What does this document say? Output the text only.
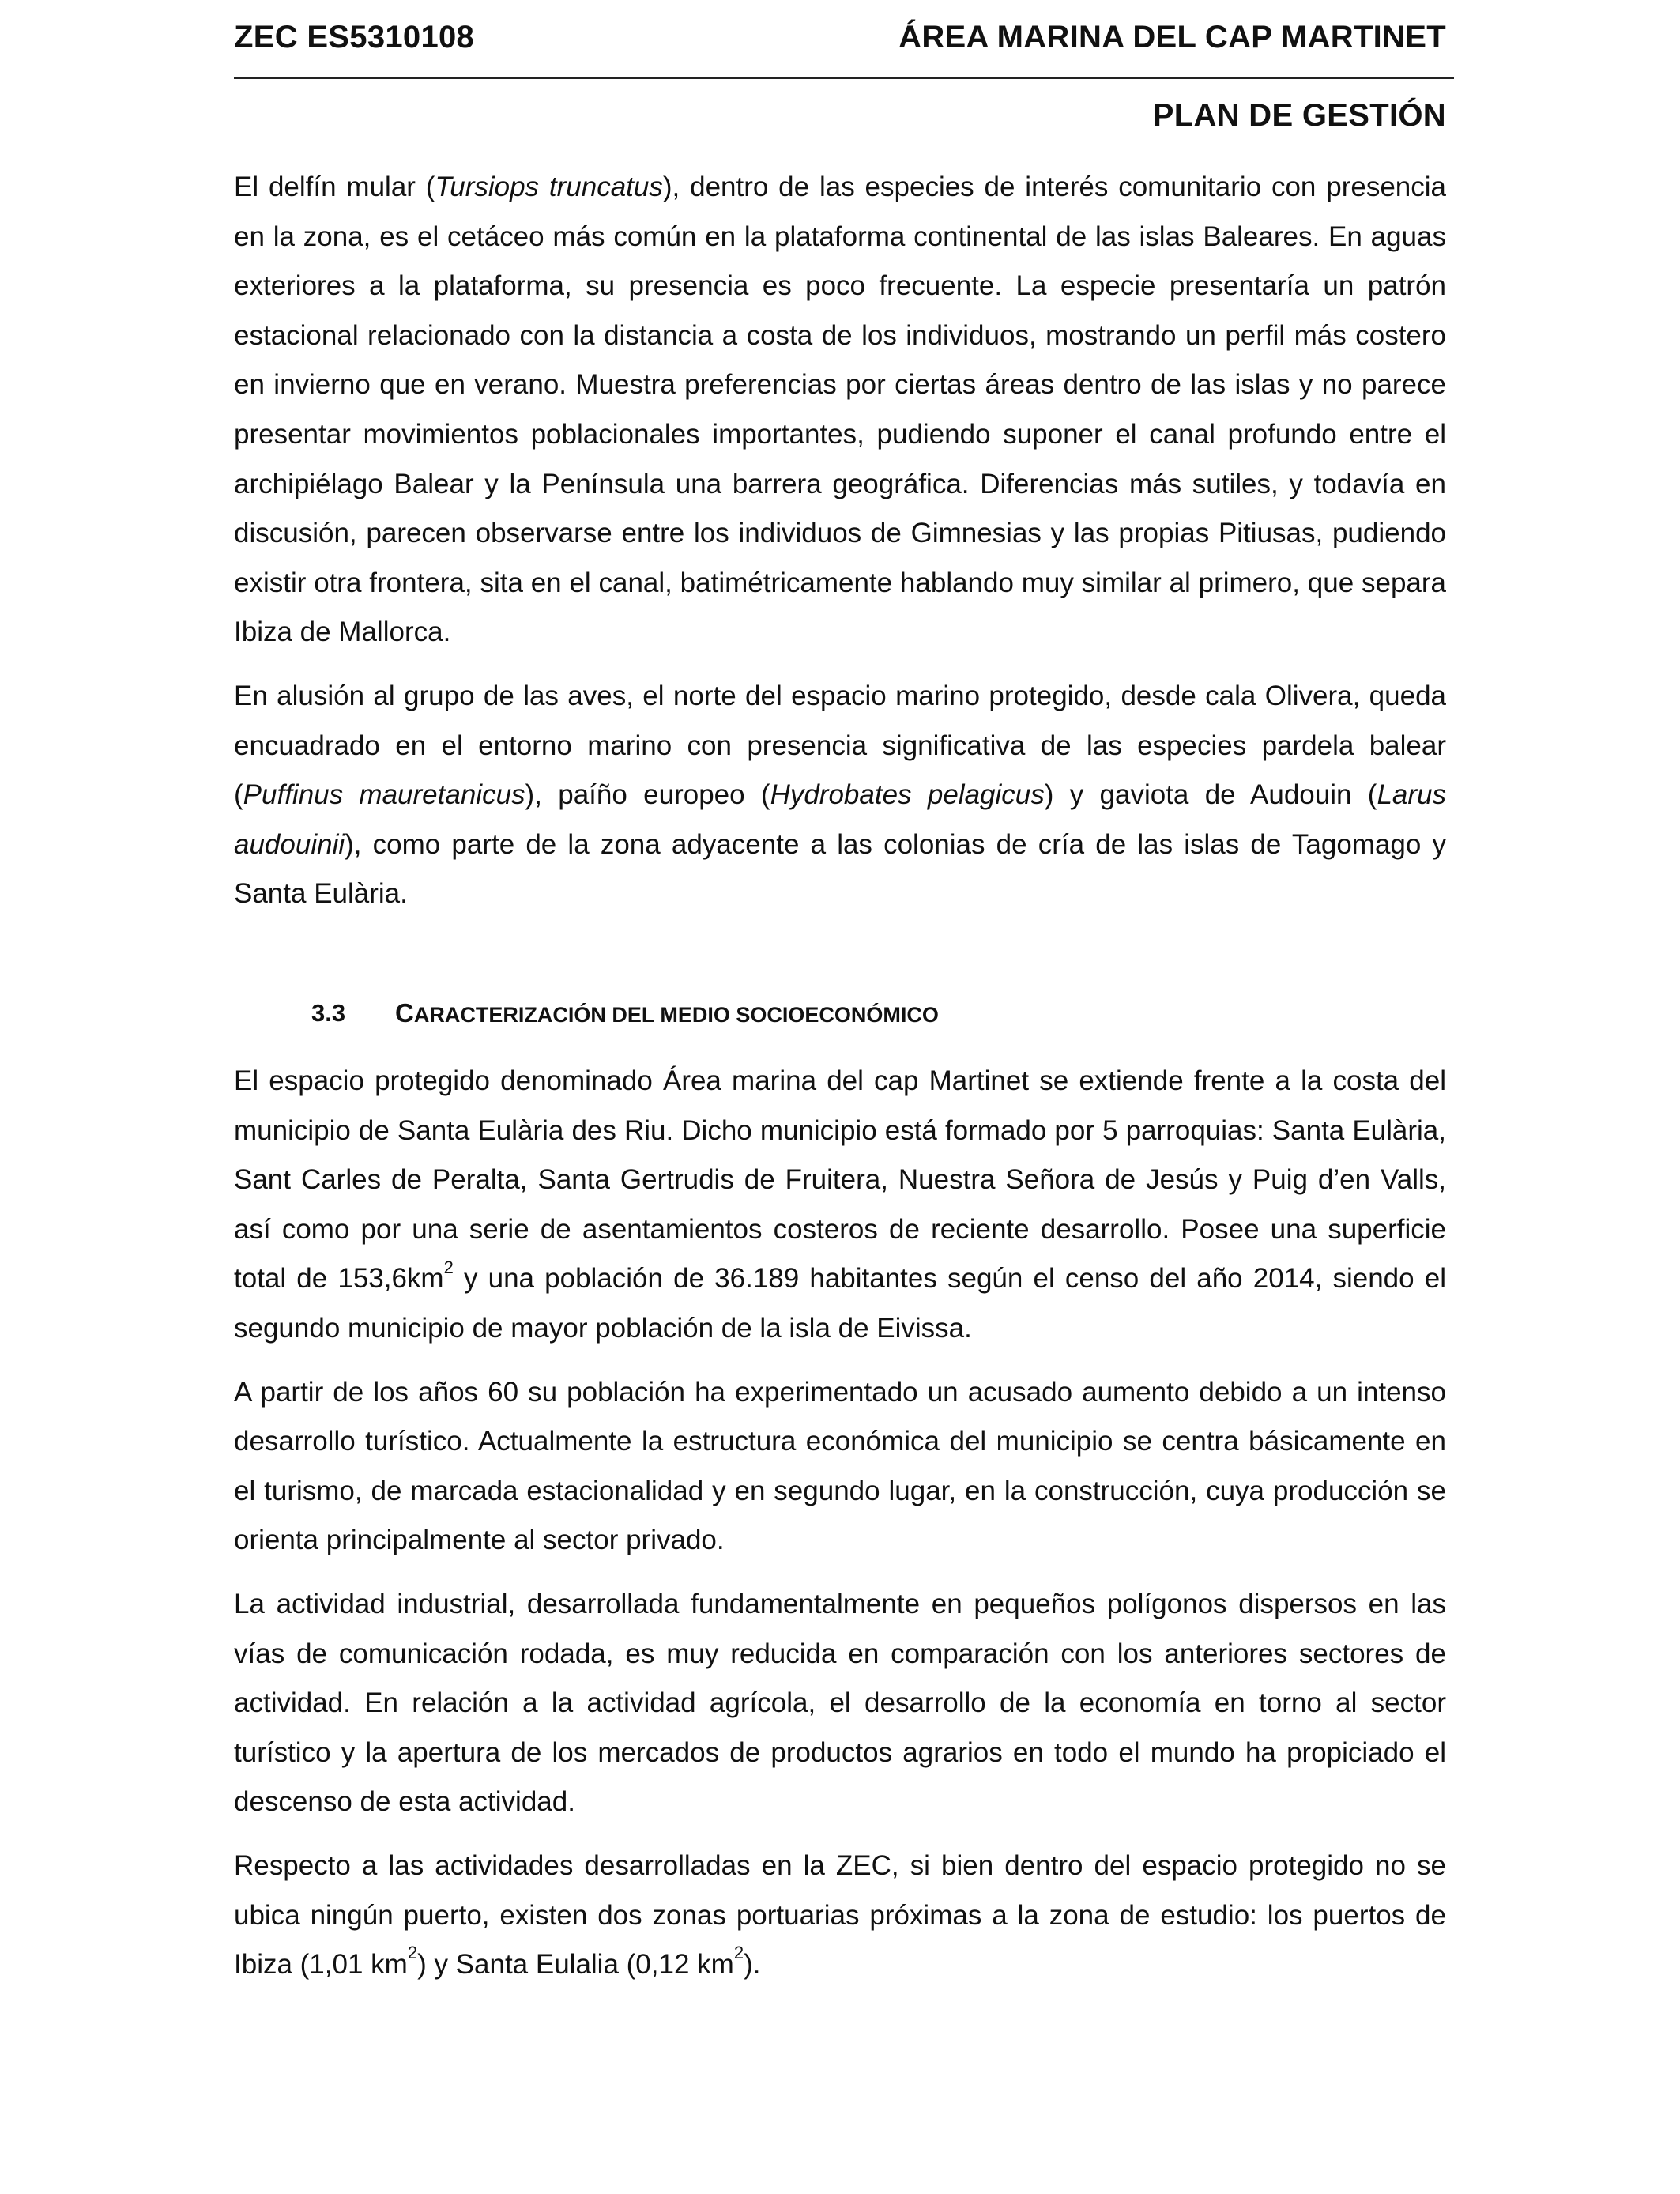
ZEC ES5310108	ÁREA MARINA DEL CAP MARTINET
PLAN DE GESTIÓN

El delfín mular (Tursiops truncatus), dentro de las especies de interés comunitario con presencia en la zona, es el cetáceo más común en la plataforma continental de las islas Baleares. En aguas exteriores a la plataforma, su presencia es poco frecuente. La especie presentaría un patrón estacional relacionado con la distancia a costa de los individuos, mostrando un perfil más costero en invierno que en verano. Muestra preferencias por ciertas áreas dentro de las islas y no parece presentar movimientos poblacionales importantes, pudiendo suponer el canal profundo entre el archipiélago Balear y la Península una barrera geográfica. Diferencias más sutiles, y todavía en discusión, parecen observarse entre los individuos de Gimnesias y las propias Pitiusas, pudiendo existir otra frontera, sita en el canal, batimétricamente hablando muy similar al primero, que separa Ibiza de Mallorca.

En alusión al grupo de las aves, el norte del espacio marino protegido, desde cala Olivera, queda encuadrado en el entorno marino con presencia significativa de las especies pardela balear (Puffinus mauretanicus), paíño europeo (Hydrobates pelagicus) y gaviota de Audouin (Larus audouinii), como parte de la zona adyacente a las colonias de cría de las islas de Tagomago y Santa Eulària.

3.3	CARACTERIZACIÓN DEL MEDIO SOCIOECONÓMICO

El espacio protegido denominado Área marina del cap Martinet se extiende frente a la costa del municipio de Santa Eulària des Riu. Dicho municipio está formado por 5 parroquias: Santa Eulària, Sant Carles de Peralta, Santa Gertrudis de Fruitera, Nuestra Señora de Jesús y Puig d’en Valls, así como por una serie de asentamientos costeros de reciente desarrollo. Posee una superficie total de $153,6km^2$ y una población de 36.189 habitantes según el censo del año 2014, siendo el segundo municipio de mayor población de la isla de Eivissa.

A partir de los años 60 su población ha experimentado un acusado aumento debido a un intenso desarrollo turístico. Actualmente la estructura económica del municipio se centra básicamente en el turismo, de marcada estacionalidad y en segundo lugar, en la construcción, cuya producción se orienta principalmente al sector privado.

La actividad industrial, desarrollada fundamentalmente en pequeños polígonos dispersos en las vías de comunicación rodada, es muy reducida en comparación con los anteriores sectores de actividad. En relación a la actividad agrícola, el desarrollo de la economía en torno al sector turístico y la apertura de los mercados de productos agrarios en todo el mundo ha propiciado el descenso de esta actividad.

Respecto a las actividades desarrolladas en la ZEC, si bien dentro del espacio protegido no se ubica ningún puerto, existen dos zonas portuarias próximas a la zona de estudio: los puertos de Ibiza (1,01 $km^2$) y Santa Eulalia (0,12 $km^2$).
